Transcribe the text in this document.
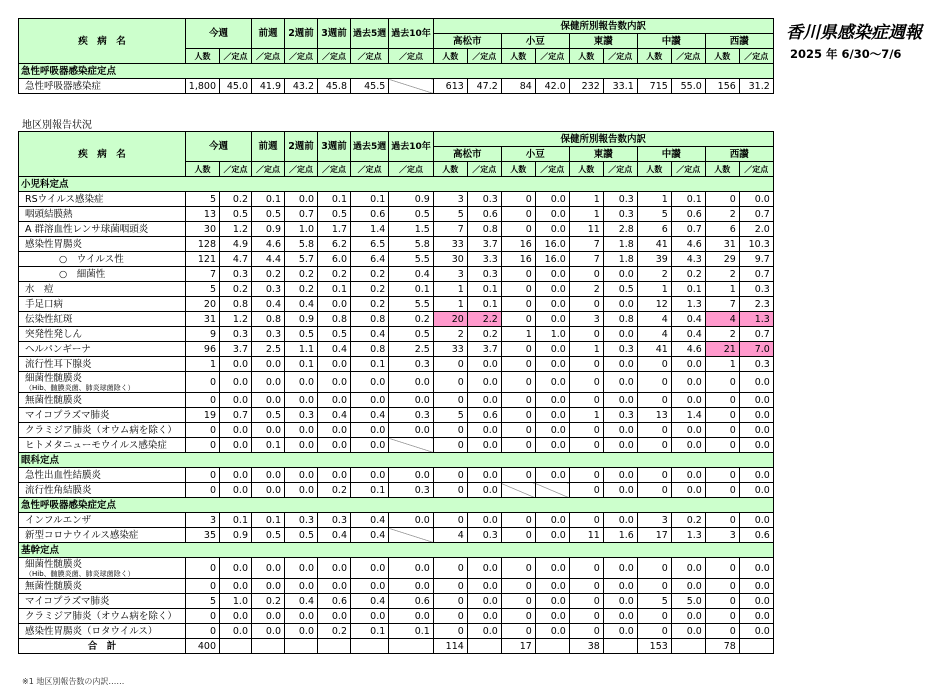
香川県感染症週報
2025 年 6/30〜7/6
疾　病　名	今週		前週	2週前	3週前	過去5週	過去10年	保健所別報告数内訳									
								高松市		小豆		東讃		中讃		西讃	
	人数	／定点	／定点	／定点	／定点	／定点	／定点	人数	／定点	人数	／定点	人数	／定点	人数	／定点	人数	／定点
急性呼吸器感染症定点																	
急性呼吸器感染症	1,800	45.0	41.9	43.2	45.8	45.5		613	47.2	84	42.0	232	33.1	715	55.0	156	31.2
地区別報告状況
疾　病　名	今週		前週	2週前	3週前	過去5週	過去10年	保健所別報告数内訳									
								高松市		小豆		東讃		中讃		西讃	
	人数	／定点	／定点	／定点	／定点	／定点	／定点	人数	／定点	人数	／定点	人数	／定点	人数	／定点	人数	／定点
小児科定点																	
RSウイルス感染症	5	0.2	0.1	0.0	0.1	0.1	0.9	3	0.3	0	0.0	1	0.3	1	0.1	0	0.0
咽頭結膜熱	13	0.5	0.5	0.7	0.5	0.6	0.5	5	0.6	0	0.0	1	0.3	5	0.6	2	0.7
A 群溶血性レンサ球菌咽頭炎	30	1.2	0.9	1.0	1.7	1.4	1.5	7	0.8	0	0.0	11	2.8	6	0.7	6	2.0
感染性胃腸炎	128	4.9	4.6	5.8	6.2	6.5	5.8	33	3.7	16	16.0	7	1.8	41	4.6	31	10.3
○　ウイルス性	121	4.7	4.4	5.7	6.0	6.4	5.5	30	3.3	16	16.0	7	1.8	39	4.3	29	9.7
○　細菌性	7	0.3	0.2	0.2	0.2	0.2	0.4	3	0.3	0	0.0	0	0.0	2	0.2	2	0.7
水　痘	5	0.2	0.3	0.2	0.1	0.2	0.1	1	0.1	0	0.0	2	0.5	1	0.1	1	0.3
手足口病	20	0.8	0.4	0.4	0.0	0.2	5.5	1	0.1	0	0.0	0	0.0	12	1.3	7	2.3
伝染性紅斑	31	1.2	0.8	0.9	0.8	0.8	0.2	20	2.2	0	0.0	3	0.8	4	0.4	4	1.3
突発性発しん	9	0.3	0.3	0.5	0.5	0.4	0.5	2	0.2	1	1.0	0	0.0	4	0.4	2	0.7
ヘルパンギーナ	96	3.7	2.5	1.1	0.4	0.8	2.5	33	3.7	0	0.0	1	0.3	41	4.6	21	7.0
流行性耳下腺炎	1	0.0	0.0	0.1	0.0	0.1	0.3	0	0.0	0	0.0	0	0.0	0	0.0	1	0.3
細菌性髄膜炎
（Hib、髄膜炎菌、肺炎球菌除く）	0	0.0	0.0	0.0	0.0	0.0	0.0	0	0.0	0	0.0	0	0.0	0	0.0	0	0.0
無菌性髄膜炎	0	0.0	0.0	0.0	0.0	0.0	0.0	0	0.0	0	0.0	0	0.0	0	0.0	0	0.0
マイコプラズマ肺炎	19	0.7	0.5	0.3	0.4	0.4	0.3	5	0.6	0	0.0	1	0.3	13	1.4	0	0.0
クラミジア肺炎（オウム病を除く）	0	0.0	0.0	0.0	0.0	0.0	0.0	0	0.0	0	0.0	0	0.0	0	0.0	0	0.0
ヒトメタニューモウイルス感染症	0	0.0	0.1	0.0	0.0	0.0		0	0.0	0	0.0	0	0.0	0	0.0	0	0.0
眼科定点																	
急性出血性結膜炎	0	0.0	0.0	0.0	0.0	0.0	0.0	0	0.0	0	0.0	0	0.0	0	0.0	0	0.0
流行性角結膜炎	0	0.0	0.0	0.0	0.2	0.1	0.3	0	0.0			0	0.0	0	0.0	0	0.0
急性呼吸器感染症定点																	
インフルエンザ	3	0.1	0.1	0.3	0.3	0.4	0.0	0	0.0	0	0.0	0	0.0	3	0.2	0	0.0
新型コロナウイルス感染症	35	0.9	0.5	0.5	0.4	0.4		4	0.3	0	0.0	11	1.6	17	1.3	3	0.6
基幹定点																	
細菌性髄膜炎
（Hib、髄膜炎菌、肺炎球菌除く）	0	0.0	0.0	0.0	0.0	0.0	0.0	0	0.0	0	0.0	0	0.0	0	0.0	0	0.0
無菌性髄膜炎	0	0.0	0.0	0.0	0.0	0.0	0.0	0	0.0	0	0.0	0	0.0	0	0.0	0	0.0
マイコプラズマ肺炎	5	1.0	0.2	0.4	0.6	0.4	0.6	0	0.0	0	0.0	0	0.0	5	5.0	0	0.0
クラミジア肺炎（オウム病を除く）	0	0.0	0.0	0.0	0.0	0.0	0.0	0	0.0	0	0.0	0	0.0	0	0.0	0	0.0
感染性胃腸炎（ロタウイルス）	0	0.0	0.0	0.0	0.2	0.1	0.1	0	0.0	0	0.0	0	0.0	0	0.0	0	0.0
合　計	400							114		17		38		153		78	
※1 地区別報告数の内訳……
